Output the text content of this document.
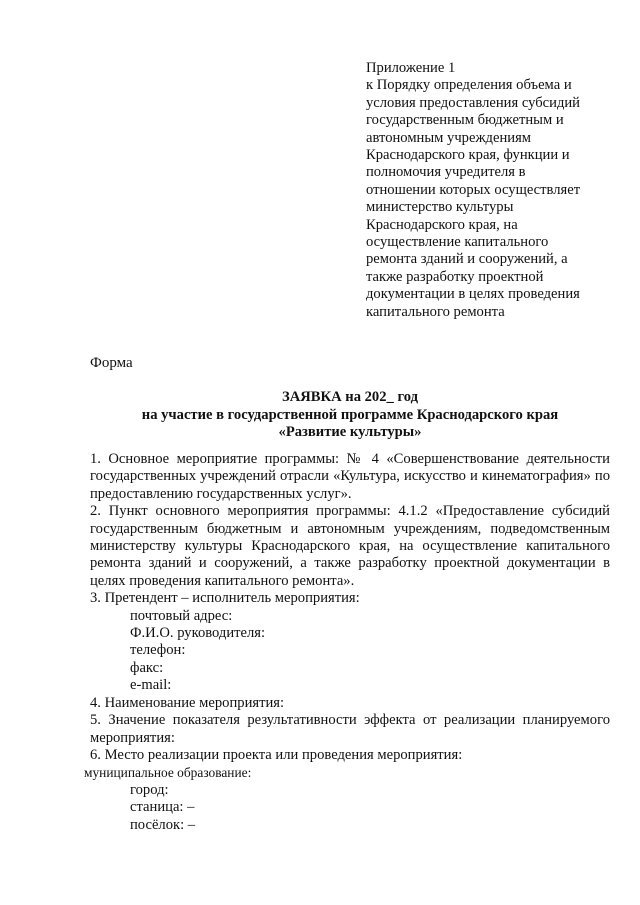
Приложение 1
к Порядку определения объема и
условия предоставления субсидий
государственным бюджетным и
автономным учреждениям
Краснодарского края, функции и
полномочия учредителя в
отношении которых осуществляет
министерство культуры
Краснодарского края, на
осуществление капитального
ремонта зданий и сооружений, а
также разработку проектной
документации в целях проведения
капитального ремонта
Форма
ЗАЯВКА на 202_ год
на участие в государственной программе Краснодарского края
«Развитие культуры»
1. Основное мероприятие программы: № 4 «Совершенствование деятельности государственных учреждений отрасли «Культура, искусство и кинематография» по предоставлению государственных услуг».
2. Пункт основного мероприятия программы: 4.1.2 «Предоставление субсидий государственным бюджетным и автономным учреждениям, подведомственным министерству культуры Краснодарского края, на осуществление капитального ремонта зданий и сооружений, а также разработку проектной документации в целях проведения капитального ремонта».
3. Претендент – исполнитель мероприятия:
почтовый адрес:
Ф.И.О. руководителя:
телефон:
факс:
e-mail:
4. Наименование мероприятия:
5. Значение показателя результативности эффекта от реализации планируемого мероприятия:
6. Место реализации проекта или проведения мероприятия:
муниципальное образование:
город:
станица: –
посёлок: –
